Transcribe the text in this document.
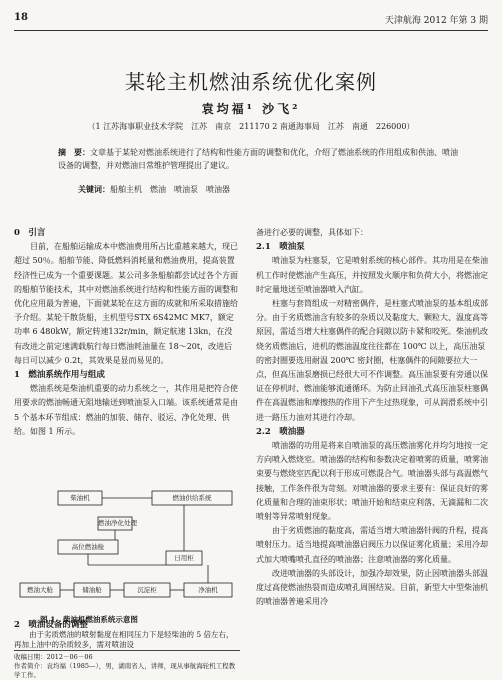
18	天津航海 2012 年第 3 期
某轮主机燃油系统优化案例
袁均福¹ 沙飞²
（1 江苏海事职业技术学院　江苏　南京　211170 2 南通海事局　江苏　南通　226000）
摘　要：文章基于某轮对燃油系统进行了结构和性能方面的调整和优化，介绍了燃油系统的作用组成和供油、喷油设备的调整，并对燃油日常维护管理提出了建议。
关键词：船舶主机　燃油　喷油泵　喷油器
0　引言

目前，在船舶运输成本中燃油费用所占比重越来越大，现已超过 50％。船舶节能、降低燃料消耗量和燃油费用，提高装置经济性已成为一个重要课题。某公司多条船舶都尝试过各个方面的船舶节能技术，其中对燃油系统进行结构和性能方面的调整和优化应用最为普遍，下面就某轮在这方面的成就和所采取措施给予介绍。某轮干散货船，主机型号STX 6S42MC MK7，额定功率 6 480kW，额定转速132r/min，额定航速 13kn，在没有改进之前定速满载航行每日燃油耗油量在 18～20t，改进后每日可以减少 0.2t，其效果是显而易见的。

1　燃油系统作用与组成

燃油系统是柴油机重要的动力系统之一，其作用是把符合使用要求的燃油畅通无阻地输送到喷油泵入口端。该系统通常是由 5 个基本环节组成：燃油的加装、储存、驳运、净化处理、供给。如图 1 所示。

柴油机	燃油供给系统
燃油净化处理
高位燃油舱
日用柜
燃油大舱	储油舱	沉淀柜	净油机
图 1　柴油机燃油系统示意图
2　喷油设备的调整
由于劣质燃油的喷射黏度在相同压力下是轻柴油的 5 倍左右，再加上油中的杂质较多，需对喷油设
收稿日期：2012－06－06
作者简介：袁均福（1985—），男，湖南省人，讲师，现从事航海轮机工程教学工作。

备进行必要的调整，具体如下：

2.1　喷油泵

喷油泵为柱塞泵，它是喷射系统的核心部件。其功用是在柴油机工作时使燃油产生高压，并按照发火顺序和负荷大小，将燃油定时定量地送至喷油器喷入汽缸。

柱塞与套筒组成一对精密偶件，是柱塞式喷油泵的基本组成部分。由于劣质燃油含有较多的杂质以及黏度大、颗粒大、温度高等原因，需适当增大柱塞偶件的配合间隙以防卡紧和咬死。柴油机改烧劣质燃油后，进机的燃油温度往往都在 100℃ 以上，高压油泵的密封圈要选用耐温 200℃ 密封圈，柱塞偶件的间隙要拉大一点，但高压油泵磨损已经很大可不作调整。高压油泵要有旁通以保证在停机时、燃油能够流通循环。为防止回油孔式高压油泵柱塞偶件在高温燃油和摩擦热的作用下产生过热现象，可从润滑系统中引进一路压力油对其进行冷却。

2.2　喷油器

喷油器的功用是将来自喷油泵的高压燃油雾化并均匀地按一定方向喷入燃烧室。喷油器的结构和参数决定着喷雾的质量，喷雾油束要与燃烧室匹配以利于形成可燃混合气。喷油器头部与高温燃气接触，工作条件很为苛刻。对喷油器的要求主要有：保证良好的雾化质量和合理的油束形状；喷油开始和结束应利落、无滴漏和二次喷射等异常喷射现象。

由于劣质燃油的黏度高，需适当增大喷油器针阀的升程，提高喷射压力。适当地提高喷油器启阀压力以保证雾化质量；采用冷却式加大喷嘴喷孔直径的喷油器；注意喷油器的雾化质量。

改进喷油器的头部设计，加强冷却效果，防止因喷油器头部温度过高使燃油热裂而造成喷孔周围结炭。目前，新型大中型柴油机的喷油器普遍采用冷
